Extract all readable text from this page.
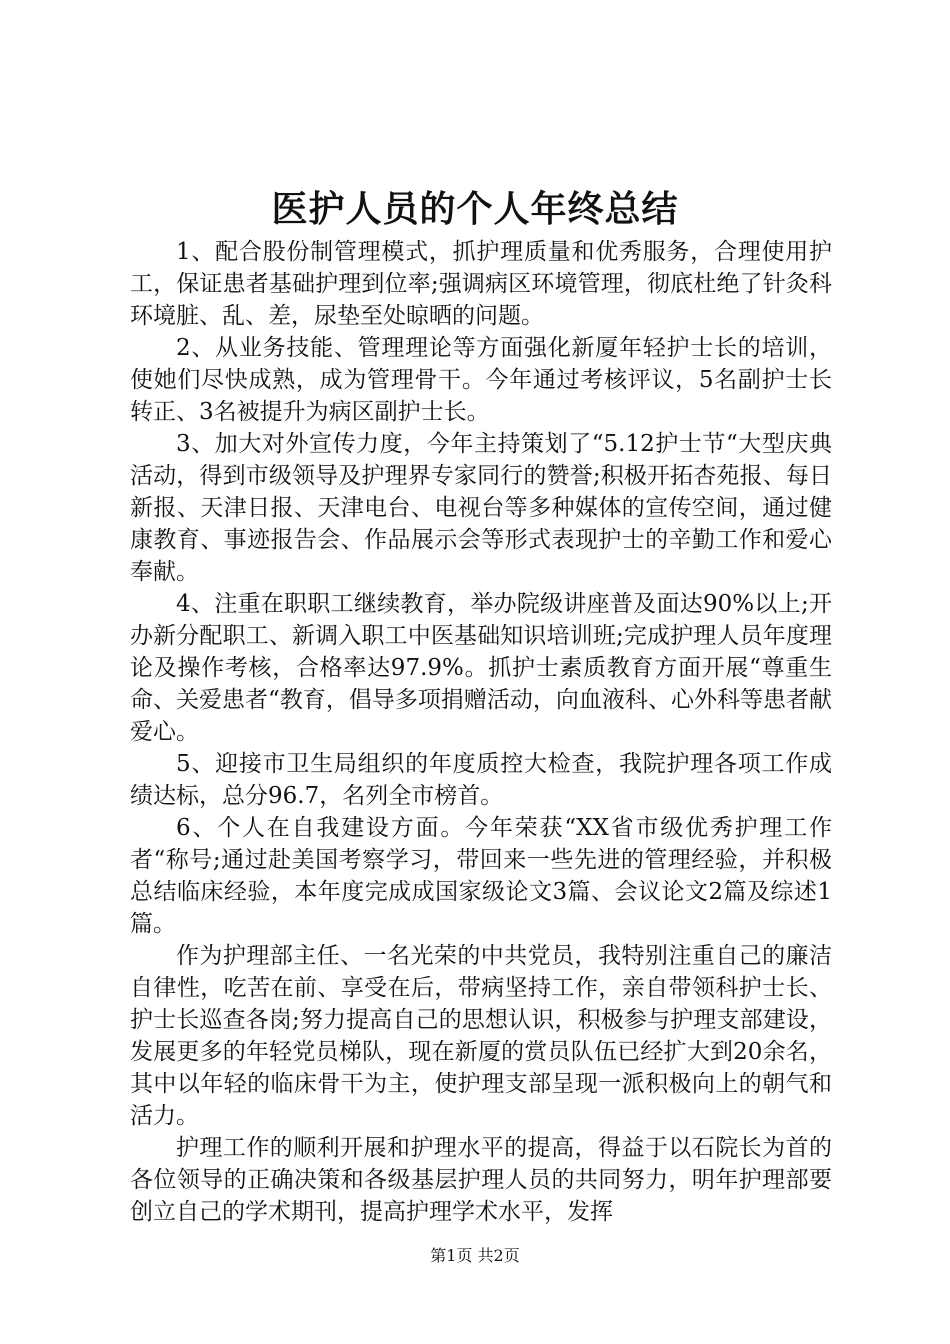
医护人员的个人年终总结

1、配合股份制管理模式，抓护理质量和优秀服务，合理使用护工，保证患者基础护理到位率;强调病区环境管理，彻底杜绝了针灸科环境脏、乱、差，尿垫至处晾晒的问题。

2、从业务技能、管理理论等方面强化新厦年轻护士长的培训，使她们尽快成熟，成为管理骨干。今年通过考核评议，5名副护士长转正、3名被提升为病区副护士长。

3、加大对外宣传力度，今年主持策划了“5.12护士节“大型庆典活动，得到市级领导及护理界专家同行的赞誉;积极开拓杏苑报、每日新报、天津日报、天津电台、电视台等多种媒体的宣传空间，通过健康教育、事迹报告会、作品展示会等形式表现护士的辛勤工作和爱心奉献。

4、注重在职职工继续教育，举办院级讲座普及面达90%以上;开办新分配职工、新调入职工中医基础知识培训班;完成护理人员年度理论及操作考核，合格率达97.9%。抓护士素质教育方面开展“尊重生命、关爱患者“教育，倡导多项捐赠活动，向血液科、心外科等患者献爱心。

5、迎接市卫生局组织的年度质控大检查，我院护理各项工作成绩达标，总分96.7，名列全市榜首。

6、个人在自我建设方面。今年荣获“XX省市级优秀护理工作者“称号;通过赴美国考察学习，带回来一些先进的管理经验，并积极总结临床经验，本年度完成成国家级论文3篇、会议论文2篇及综述1篇。

作为护理部主任、一名光荣的中共党员，我特别注重自己的廉洁自律性，吃苦在前、享受在后，带病坚持工作，亲自带领科护士长、护士长巡查各岗;努力提高自己的思想认识，积极参与护理支部建设，发展更多的年轻党员梯队，现在新厦的赏员队伍已经扩大到20余名，其中以年轻的临床骨干为主，使护理支部呈现一派积极向上的朝气和活力。

护理工作的顺利开展和护理水平的提高，得益于以石院长为首的各位领导的正确决策和各级基层护理人员的共同努力，明年护理部要创立自己的学术期刊，提高护理学术水平，发挥

第1页 共2页
